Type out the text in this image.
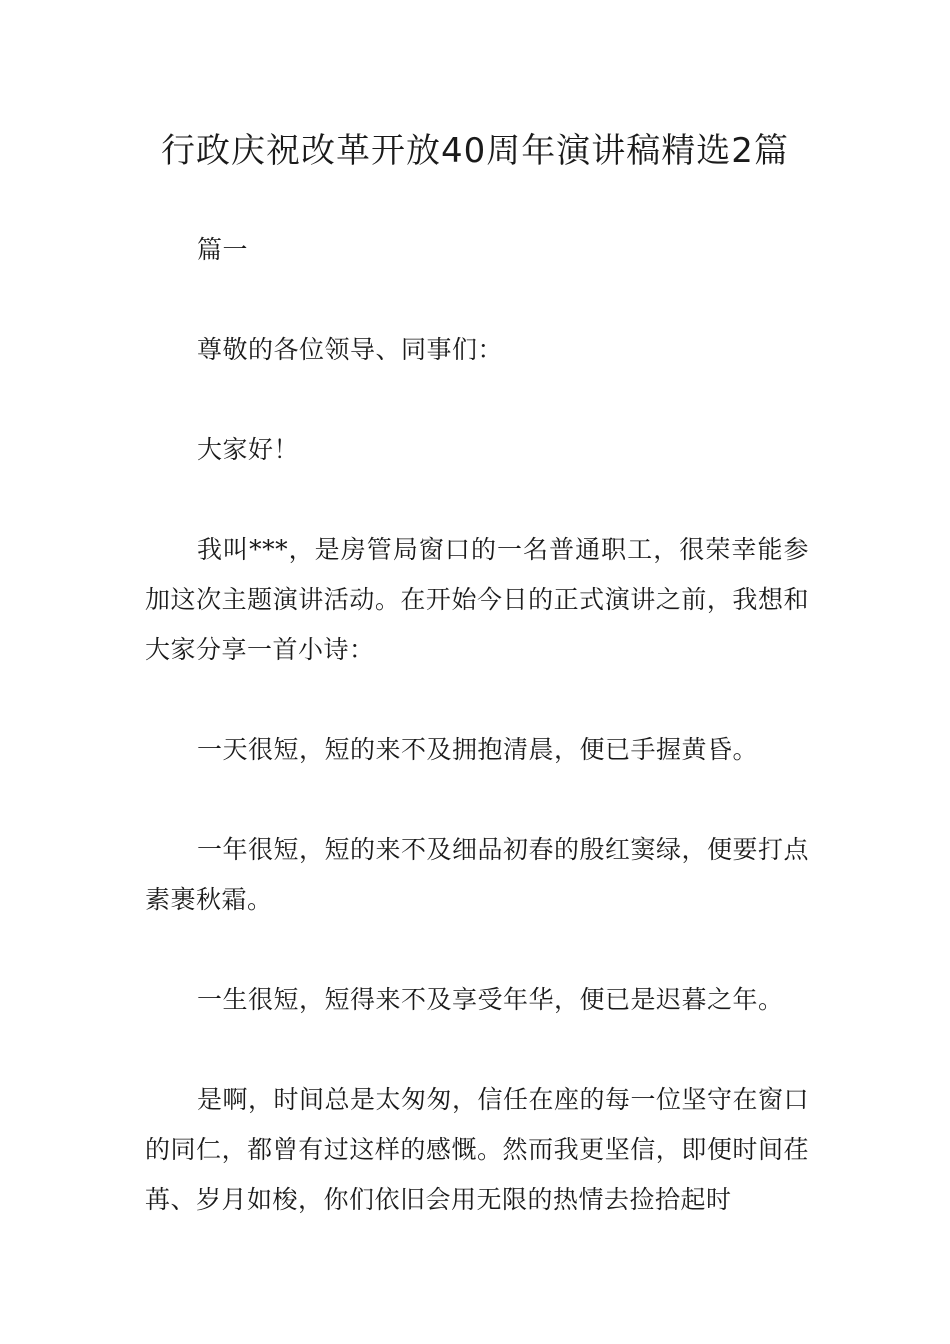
行政庆祝改革开放40周年演讲稿精选2篇

篇一

尊敬的各位领导、同事们：

大家好！

我叫***，是房管局窗口的一名普通职工，很荣幸能参加这次主题演讲活动。在开始今日的正式演讲之前，我想和大家分享一首小诗：

一天很短，短的来不及拥抱清晨，便已手握黄昏。

一年很短，短的来不及细品初春的殷红窦绿，便要打点素裹秋霜。

一生很短，短得来不及享受年华，便已是迟暮之年。

是啊，时间总是太匆匆，信任在座的每一位坚守在窗口的同仁，都曾有过这样的感慨。然而我更坚信，即便时间荏苒、岁月如梭，你们依旧会用无限的热情去捡拾起时
